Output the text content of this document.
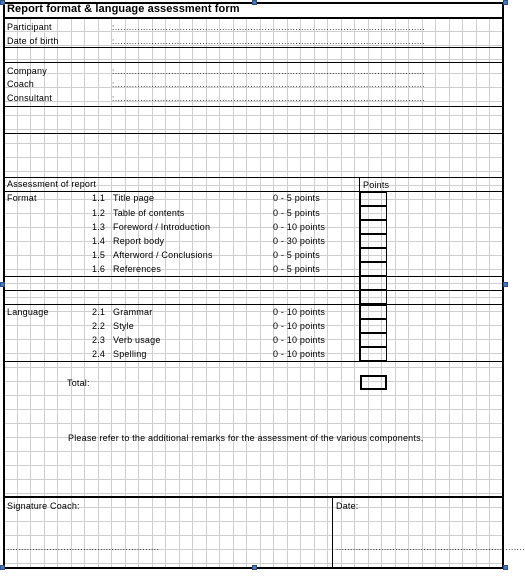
Report format & language assessment form
Participant	:..............................................................................................................
Date of birth	:..............................................................................................................
Company	:..............................................................................................................
Coach	:..............................................................................................................
Consultant	:..............................................................................................................
Assessment of report	Points
Format	1.1 Title page	0 - 5 points
1.2 Table of contents	0 - 5 points
1.3 Foreword / Introduction	0 - 10 points
1.4 Report body	0 - 30 points
1.5 Afterword / Conclusions	0 - 5 points
1.6 References	0 - 5 points
Language	2.1 Grammar	0 - 10 points
2.2 Style	0 - 10 points
2.3 Verb usage	0 - 10 points
2.4 Spelling	0 - 10 points
Total:
Please refer to the additional remarks for the assessment of the various components.
Signature Coach:	Date:
......................................................	...................................................................
